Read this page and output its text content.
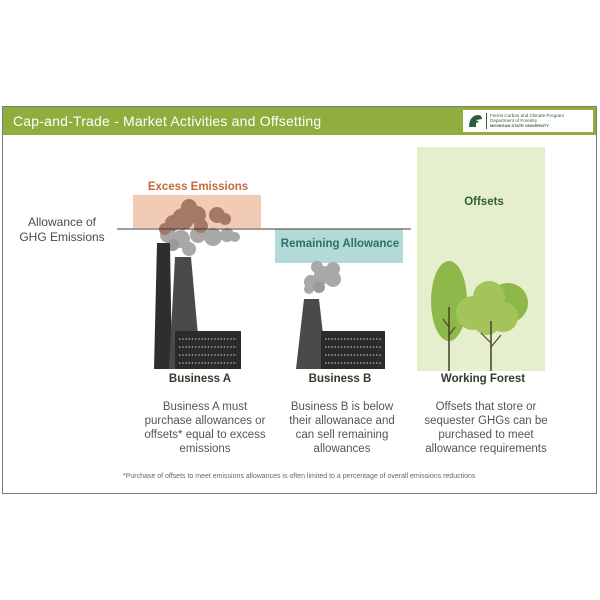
Cap-and-Trade - Market Activities and Offsetting	Forest Carbon and Climate Program
Department of Forestry
MICHIGAN STATE UNIVERSITY
Allowance of GHG Emissions
Excess Emissions
Remaining Allowance
Offsets
Business A	Business B	Working Forest
Business A must purchase allowances or offsets* equal to excess emissions
Business B is below their allowanace and can sell remaining allowances
Offsets that store or sequester GHGs can be purchased to meet allowance requirements
*Purchase of offsets to meet emissions allowances is often limited to a percentage of overall emissions reductions
